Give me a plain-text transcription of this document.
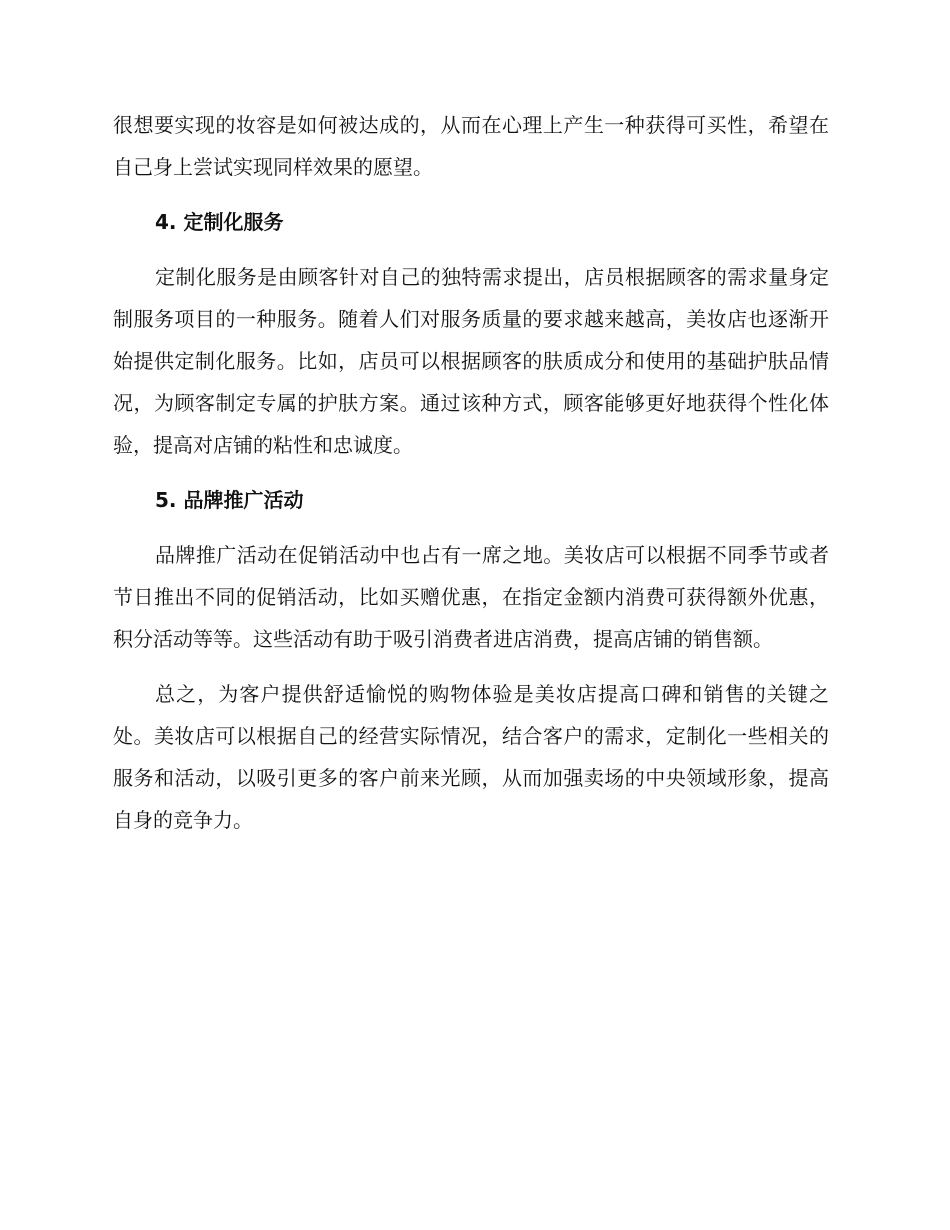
很想要实现的妆容是如何被达成的，从而在心理上产生一种获得可买性，希望在自己身上尝试实现同样效果的愿望。

4. 定制化服务

定制化服务是由顾客针对自己的独特需求提出，店员根据顾客的需求量身定制服务项目的一种服务。随着人们对服务质量的要求越来越高，美妆店也逐渐开始提供定制化服务。比如，店员可以根据顾客的肤质成分和使用的基础护肤品情况，为顾客制定专属的护肤方案。通过该种方式，顾客能够更好地获得个性化体验，提高对店铺的粘性和忠诚度。

5. 品牌推广活动

品牌推广活动在促销活动中也占有一席之地。美妆店可以根据不同季节或者节日推出不同的促销活动，比如买赠优惠，在指定金额内消费可获得额外优惠，积分活动等等。这些活动有助于吸引消费者进店消费，提高店铺的销售额。

总之，为客户提供舒适愉悦的购物体验是美妆店提高口碑和销售的关键之处。美妆店可以根据自己的经营实际情况，结合客户的需求，定制化一些相关的服务和活动，以吸引更多的客户前来光顾，从而加强卖场的中央领域形象，提高自身的竞争力。
